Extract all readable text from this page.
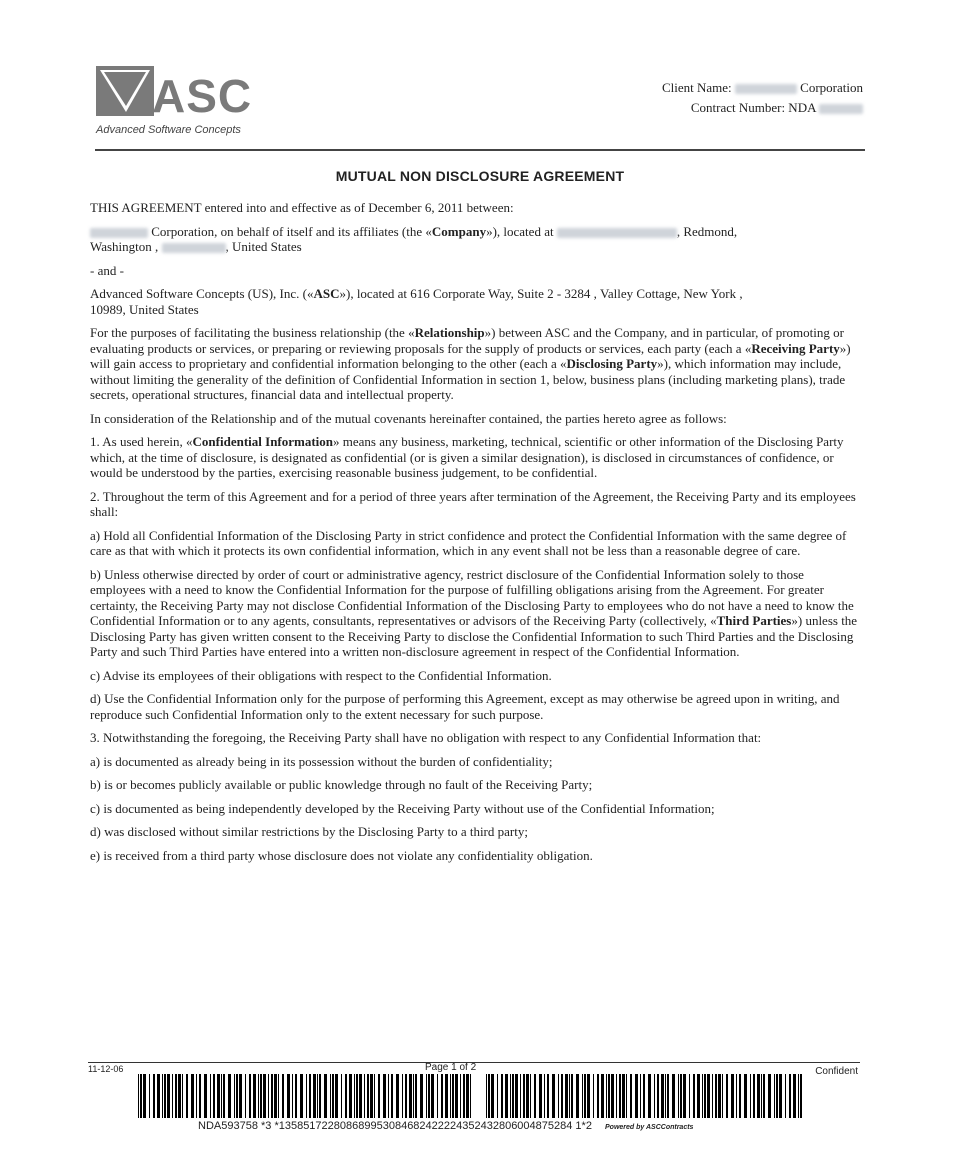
ASC
Advanced Software Concepts
Client Name:	Corporation
Contract Number: NDA
MUTUAL NON DISCLOSURE AGREEMENT

THIS AGREEMENT entered into and effective as of December 6, 2011 between:

Corporation, on behalf of itself and its affiliates (the «Company»), located at	, Redmond,
Washington ,	, United States

- and -

Advanced Software Concepts (US), Inc. («ASC»), located at 616 Corporate Way, Suite 2 - 3284 , Valley Cottage, New York ,
10989, United States

For the purposes of facilitating the business relationship (the «Relationship») between ASC and the Company, and in particular, of promoting or evaluating products or services, or preparing or reviewing proposals for the supply of products or services, each party (each a «Receiving Party») will gain access to proprietary and confidential information belonging to the other (each a «Disclosing Party»), which information may include, without limiting the generality of the definition of Confidential Information in section 1, below, business plans (including marketing plans), trade secrets, operational structures, financial data and intellectual property.

In consideration of the Relationship and of the mutual covenants hereinafter contained, the parties hereto agree as follows:

1. As used herein, «Confidential Information» means any business, marketing, technical, scientific or other information of the Disclosing Party which, at the time of disclosure, is designated as confidential (or is given a similar designation), is disclosed in circumstances of confidence, or would be understood by the parties, exercising reasonable business judgement, to be confidential.

2. Throughout the term of this Agreement and for a period of three years after termination of the Agreement, the Receiving Party and its employees shall:

a) Hold all Confidential Information of the Disclosing Party in strict confidence and protect the Confidential Information with the same degree of care as that with which it protects its own confidential information, which in any event shall not be less than a reasonable degree of care.

b) Unless otherwise directed by order of court or administrative agency, restrict disclosure of the Confidential Information solely to those employees with a need to know the Confidential Information for the purpose of fulfilling obligations arising from the Agreement. For greater certainty, the Receiving Party may not disclose Confidential Information of the Disclosing Party to employees who do not have a need to know the Confidential Information or to any agents, consultants, representatives or advisors of the Receiving Party (collectively, «Third Parties») unless the Disclosing Party has given written consent to the Receiving Party to disclose the Confidential Information to such Third Parties and the Disclosing Party and such Third Parties have entered into a written non-disclosure agreement in respect of the Confidential Information.

c) Advise its employees of their obligations with respect to the Confidential Information.

d) Use the Confidential Information only for the purpose of performing this Agreement, except as may otherwise be agreed upon in writing, and reproduce such Confidential Information only to the extent necessary for such purpose.

3. Notwithstanding the foregoing, the Receiving Party shall have no obligation with respect to any Confidential Information that:

a) is documented as already being in its possession without the burden of confidentiality;

b) is or becomes publicly available or public knowledge through no fault of the Receiving Party;

c) is documented as being independently developed by the Receiving Party without use of the Confidential Information;

d) was disclosed without similar restrictions by the Disclosing Party to a third party;

e) is received from a third party whose disclosure does not violate any confidentiality obligation.

11-12-06	Page 1 of 2	Confident
NDA593758 *3 *135851722808689953084682422224352432806004875284 1*2 Powered by ASCContracts
